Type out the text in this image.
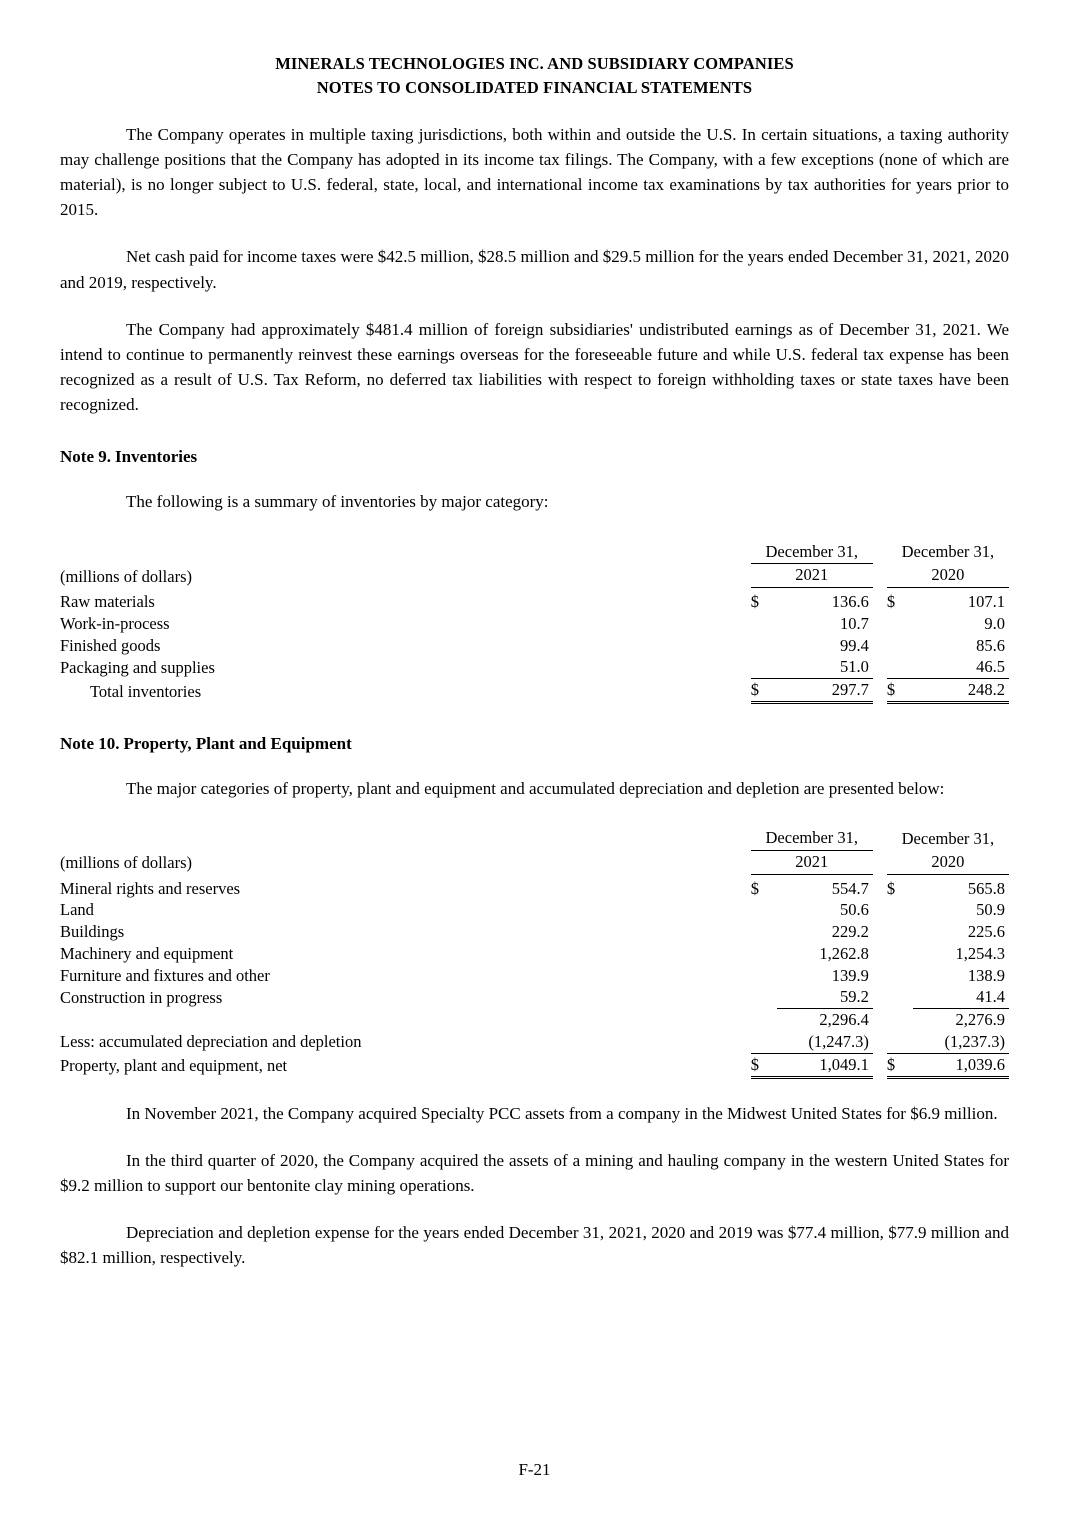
MINERALS TECHNOLOGIES INC. AND SUBSIDIARY COMPANIES
NOTES TO CONSOLIDATED FINANCIAL STATEMENTS

The Company operates in multiple taxing jurisdictions, both within and outside the U.S. In certain situations, a taxing authority may challenge positions that the Company has adopted in its income tax filings. The Company, with a few exceptions (none of which are material), is no longer subject to U.S. federal, state, local, and international income tax examinations by tax authorities for years prior to 2015.

Net cash paid for income taxes were $42.5 million, $28.5 million and $29.5 million for the years ended December 31, 2021, 2020 and 2019, respectively.

The Company had approximately $481.4 million of foreign subsidiaries' undistributed earnings as of December 31, 2021. We intend to continue to permanently reinvest these earnings overseas for the foreseeable future and while U.S. federal tax expense has been recognized as a result of U.S. Tax Reform, no deferred tax liabilities with respect to foreign withholding taxes or state taxes have been recognized.

Note 9. Inventories

The following is a summary of inventories by major category:

	December 31,			December 31,	
(millions of dollars)	2021			2020	

Raw materials	$	136.6		$	107.1
Work-in-process		10.7			9.0
Finished goods		99.4			85.6
Packaging and supplies		51.0			46.5
Total inventories	$	297.7		$	248.2
Note 10. Property, Plant and Equipment

The major categories of property, plant and equipment and accumulated depreciation and depletion are presented below:

	December 31,			December 31,	
(millions of dollars)	2021			2020	

Mineral rights and reserves	$	554.7		$	565.8
Land		50.6			50.9
Buildings		229.2			225.6
Machinery and equipment		1,262.8			1,254.3
Furniture and fixtures and other		139.9			138.9
Construction in progress		59.2			41.4
		2,296.4			2,276.9
Less: accumulated depreciation and depletion		(1,247.3)			(1,237.3)
Property, plant and equipment, net	$	1,049.1		$	1,039.6

In November 2021, the Company acquired Specialty PCC assets from a company in the Midwest United States for $6.9 million.

In the third quarter of 2020, the Company acquired the assets of a mining and hauling company in the western United States for $9.2 million to support our bentonite clay mining operations.

Depreciation and depletion expense for the years ended December 31, 2021, 2020 and 2019 was $77.4 million, $77.9 million and $82.1 million, respectively.

F-21
